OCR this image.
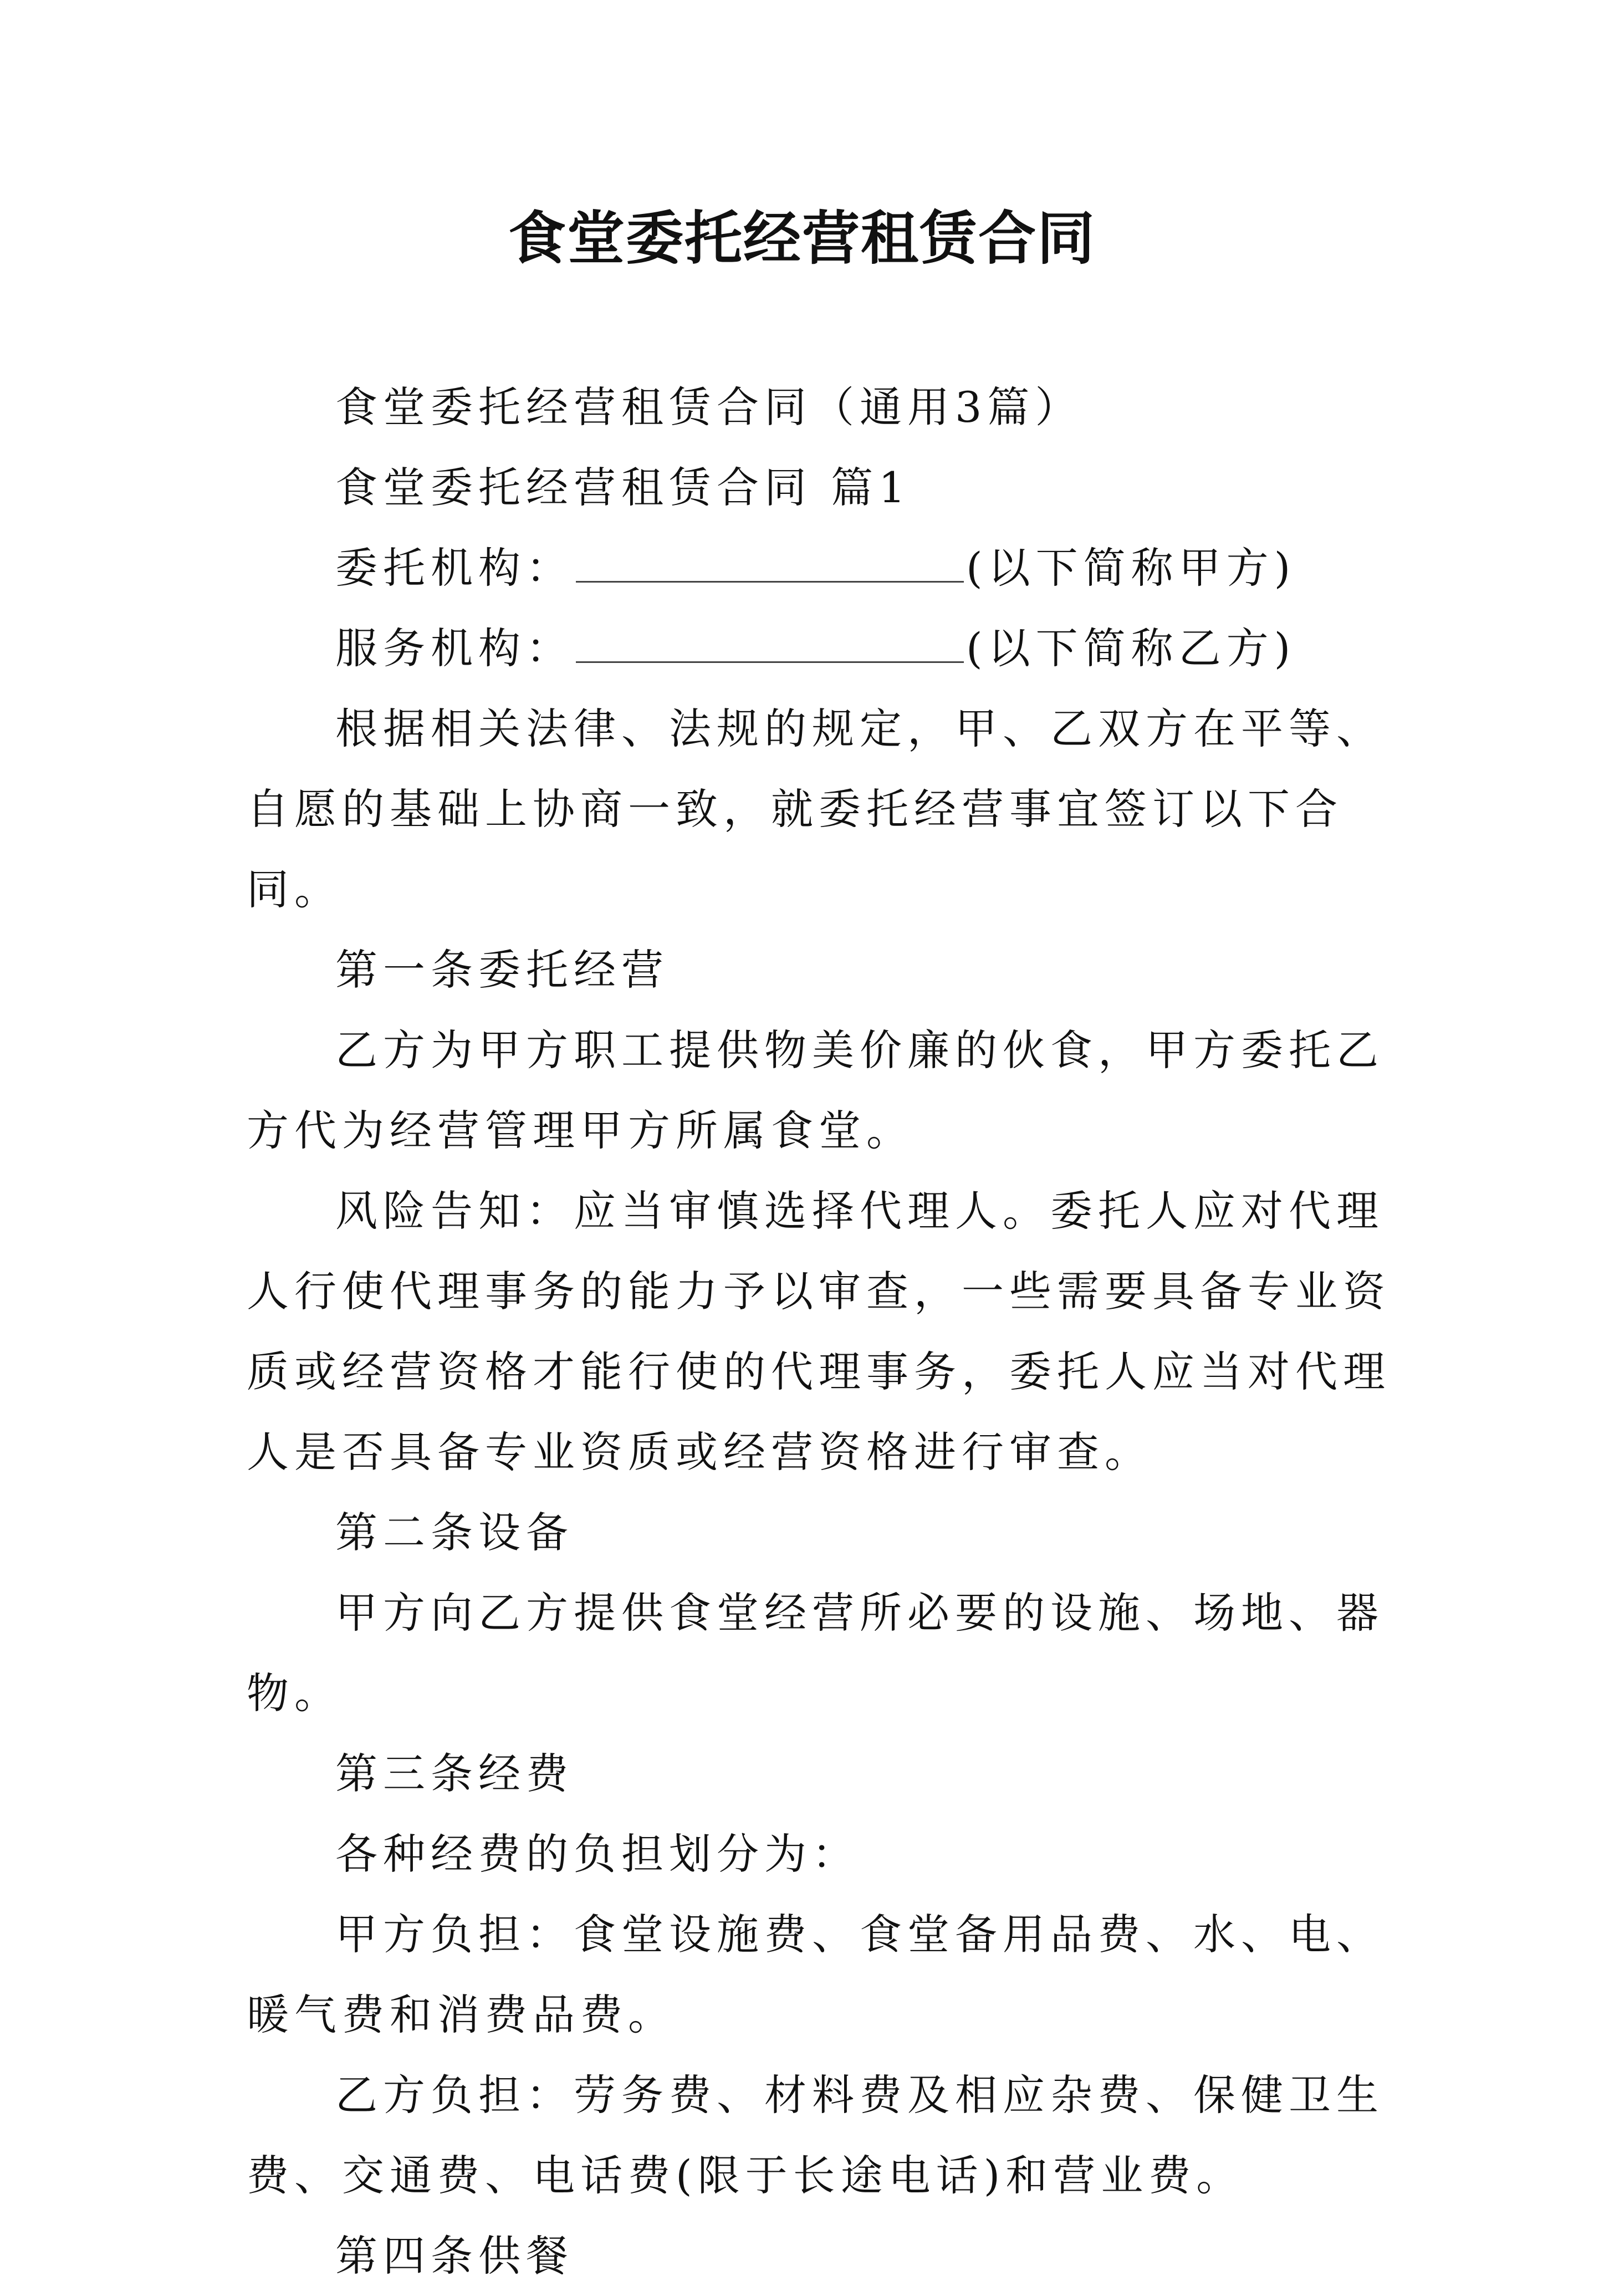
食堂委托经营租赁合同

食堂委托经营租赁合同（通用3篇）

食堂委托经营租赁合同 篇1

委托机构：	(以下简称甲方)

服务机构：	(以下简称乙方)

根据相关法律、法规的规定，甲、乙双方在平等、自愿的基础上协商一致，就委托经营事宜签订以下合同。

第一条委托经营

乙方为甲方职工提供物美价廉的伙食，甲方委托乙方代为经营管理甲方所属食堂。

风险告知：应当审慎选择代理人。委托人应对代理人行使代理事务的能力予以审查，一些需要具备专业资质或经营资格才能行使的代理事务，委托人应当对代理人是否具备专业资质或经营资格进行审查。

第二条设备

甲方向乙方提供食堂经营所必要的设施、场地、器物。

第三条经费

各种经费的负担划分为：

甲方负担：食堂设施费、食堂备用品费、水、电、暖气费和消费品费。

乙方负担：劳务费、材料费及相应杂费、保健卫生费、交通费、电话费(限于长途电话)和营业费。

第四条供餐
